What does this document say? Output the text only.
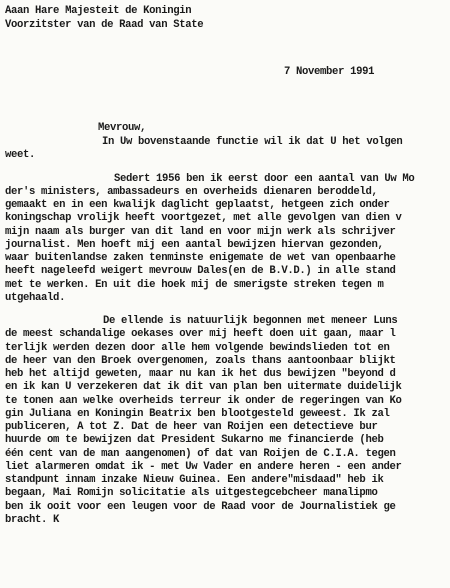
Aaan Hare Majesteit de Koningin
Voorzitster van de Raad van State
7 November 1991
Mevrouw,
In Uw bovenstaande functie wil ik dat U het volgen
weet.
Sedert 1956 ben ik eerst door een aantal van Uw Mo
der's ministers, ambassadeurs en overheids dienaren beroddeld,
gemaakt en in een kwalijk daglicht geplaatst, hetgeen zich onder
koningschap vrolijk heeft voortgezet, met alle gevolgen van dien v
mijn naam als burger van dit land en voor mijn werk als schrijver
journalist. Men hoeft mij een aantal bewijzen hiervan gezonden,
waar buitenlandse zaken tenminste enigemate de wet van openbaarhe
heeft nageleefd weigert mevrouw Dales(en de B.V.D.) in alle stand
met te werken. En uit die hoek mij de smerigste streken tegen m
utgehaald.
De ellende is natuurlijk begonnen met meneer Luns
de meest schandalige oekases over mij heeft doen uit gaan, maar l
terlijk werden dezen door alle hem volgende bewindslieden tot en
de heer van den Broek overgenomen, zoals thans aantoonbaar blijkt
heb het altijd geweten, maar nu kan ik het dus bewijzen "beyond d
en ik kan U verzekeren dat ik dit van plan ben uitermate duidelijk
te tonen aan welke overheids terreur ik onder de regeringen van Ko
gin Juliana en Koningin Beatrix ben blootgesteld geweest. Ik zal
publiceren, A tot Z. Dat de heer van Roijen een detectieve bur
huurde om te bewijzen dat President Sukarno me financierde (heb
één cent van de man aangenomen) of dat van Roijen de C.I.A. tegen
liet alarmeren omdat ik - met Uw Vader en andere heren - een ander
standpunt innam inzake Nieuw Guinea. Een andere"misdaad" heb ik
begaan, Mai Romijn solicitatie als uitgestegcebcheer manalipmo
ben ik ooit voor een leugen voor de Raad voor de Journalistiek ge
bracht. K
